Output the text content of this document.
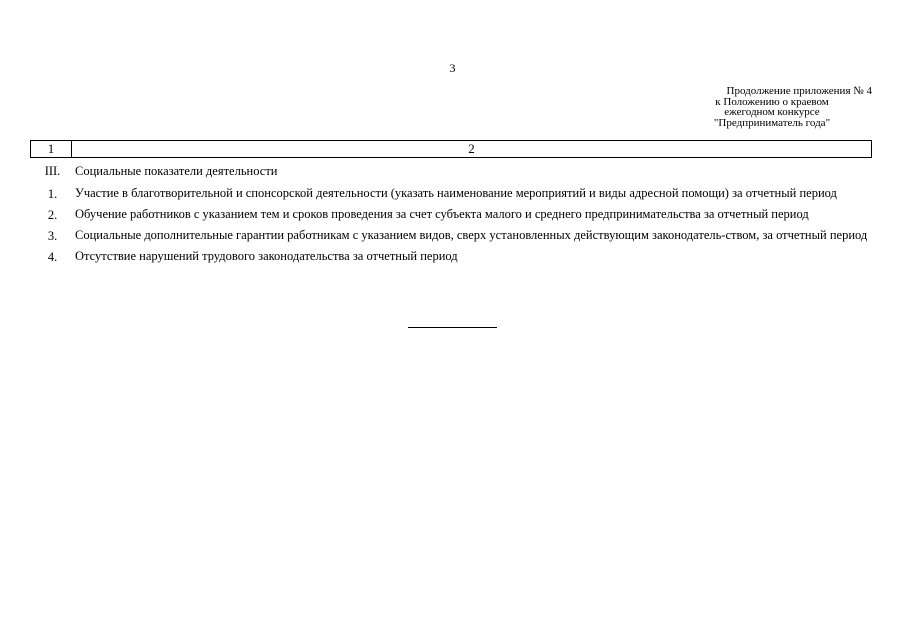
3
Продолжение приложения № 4
к Положению о краевом
ежегодном конкурсе
"Предприниматель года"
1	2
III.	Социальные показатели деятельности
1.	Участие в благотворительной и спонсорской деятельности (указать наименование мероприятий и виды адресной помощи) за отчетный период
2.	Обучение работников с указанием тем и сроков проведения за счет субъекта малого и среднего предпринимательства за отчетный период
3.	Социальные дополнительные гарантии работникам с указанием видов, сверх установленных действующим законодатель-ством, за отчетный период
4.	Отсутствие нарушений трудового законодательства за отчетный период
